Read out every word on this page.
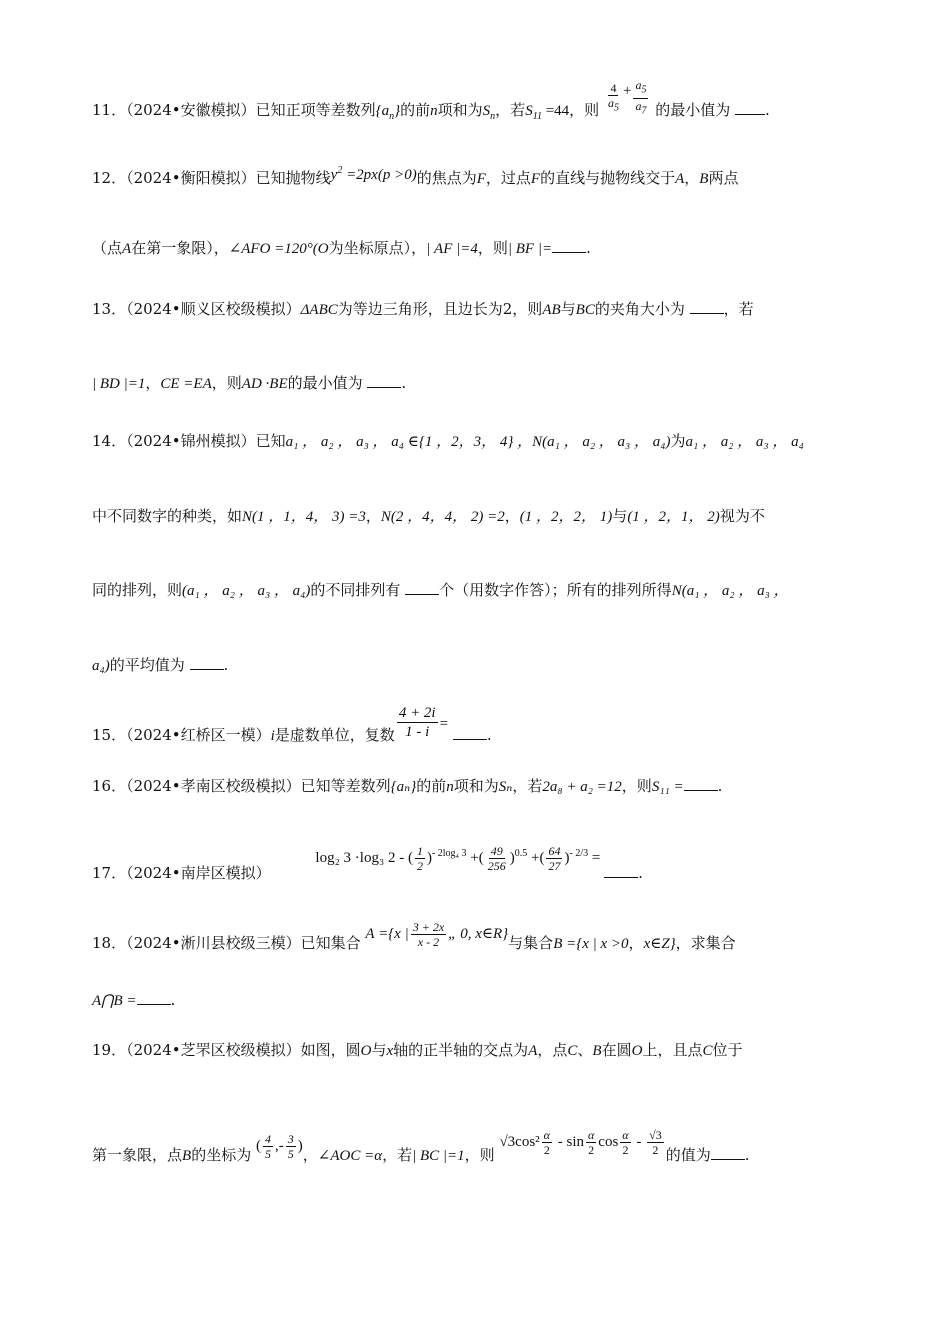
11．（2024•安徽模拟）已知正项等差数列$\{a_n\}$的前n项和为$S_n$，若$S_{11} =44$，则 $\frac{4}{a_5} + \frac{a_5}{a_7}$ 的最小值为 .
12．（2024•衡阳模拟）已知抛物线$y^2 =2px(p >0)$的焦点为F，过点F的直线与抛物线交于A，B两点
（点A在第一象限），∠AFO =120°(O为坐标原点），| AF |=4，则| BF |= .
13．（2024•顺义区校级模拟）ΔABC为等边三角形，且边长为2，则AB与BC的夹角大小为	，若
| BD |=1，CE =EA，则AD ·BE的最小值为	.
14．（2024•锦州模拟）已知a₁ ， a₂ ， a₃ ， a₄ ∈{1 ，2，3， 4} ，N(a₁ ， a₂ ， a₃ ， a₄)为a₁ ， a₂ ， a₃ ， a₄
中不同数字的种类，如N(1 ，1，4， 3) =3，N(2 ，4，4， 2) =2，(1 ，2，2， 1)与(1 ，2，1， 2)视为不
同的排列，则(a₁ ， a₂ ， a₃ ， a₄)的不同排列有	个（用数字作答）；所有的排列所得N(a₁ ， a₂ ， a₃ ，
a₄)的平均值为	.
15．（2024•红桥区一模）i是虚数单位，复数 $\frac{4 + 2i}{1 - i}$ = .
16．（2024•孝南区校级模拟）已知等差数列{aₙ}的前n项和为Sₙ，若2a₈ + a₂ =12，则S₁₁ = .
17．（2024•南岸区模拟） log₂ 3 ·log₃ 2 - ( $\frac{1}{2} )^{- 2log_4 3}$ +( $\frac{49}{256} )^{0.5}$ +( $\frac{64}{27} )^{- 2/3}$ = .
18．（2024•淅川县校级三模）已知集合 A ={x | $\frac{3 + 2x}{x - 2}$ „ 0, x∈R}与集合B ={x | x >0，x∈Z}，求集合
A⋂B = .
19．（2024•芝罘区校级模拟）如图，圆O与x轴的正半轴的交点为A，点C、B在圆O上，且点C位于
第一象限，点B的坐标为 ( $\frac{4}{5}$ ,- $\frac{3}{5}$ )，∠AOC =α，若| BC |=1，则 $√3\cos^2 \frac{\alpha}{2}$ - $\sin \frac{\alpha}{2}$ $\cos \frac{\alpha}{2} - \frac{√3}{2}$ 的值为 .
